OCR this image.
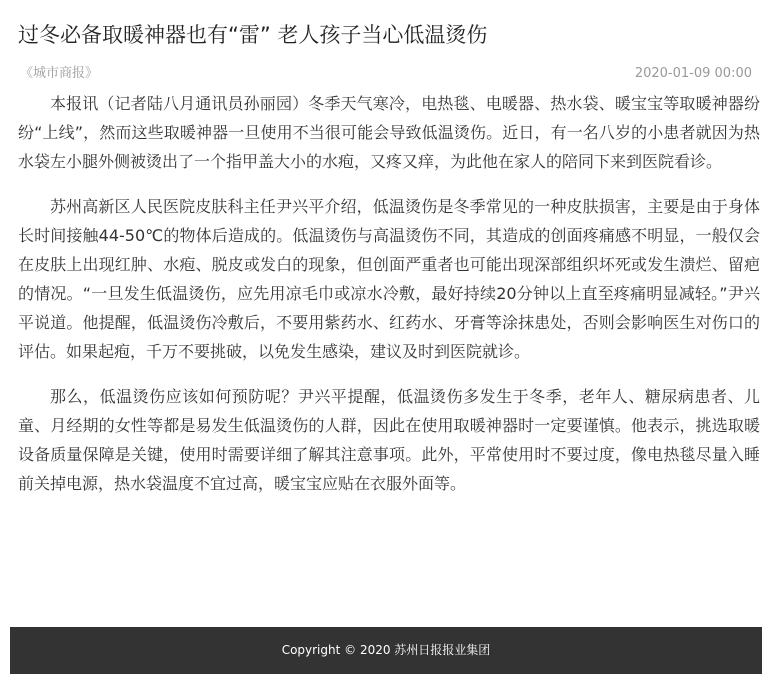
过冬必备取暖神器也有“雷” 老人孩子当心低温烫伤
《城市商报》	2020-01-09 00:00

本报讯（记者陆八月通讯员孙丽园）冬季天气寒冷，电热毯、电暖器、热水袋、暖宝宝等取暖神器纷纷“上线”，然而这些取暖神器一旦使用不当很可能会导致低温烫伤。近日，有一名八岁的小患者就因为热水袋左小腿外侧被烫出了一个指甲盖大小的水疱，又疼又痒，为此他在家人的陪同下来到医院看诊。

苏州高新区人民医院皮肤科主任尹兴平介绍，低温烫伤是冬季常见的一种皮肤损害，主要是由于身体长时间接触44-50℃的物体后造成的。低温烫伤与高温烫伤不同，其造成的创面疼痛感不明显，一般仅会在皮肤上出现红肿、水疱、脱皮或发白的现象，但创面严重者也可能出现深部组织坏死或发生溃烂、留疤的情况。“一旦发生低温烫伤，应先用凉毛巾或凉水冷敷，最好持续20分钟以上直至疼痛明显减轻。”尹兴平说道。他提醒，低温烫伤冷敷后，不要用紫药水、红药水、牙膏等涂抹患处，否则会影响医生对伤口的评估。如果起疱，千万不要挑破，以免发生感染，建议及时到医院就诊。

那么，低温烫伤应该如何预防呢？尹兴平提醒，低温烫伤多发生于冬季，老年人、糖尿病患者、儿童、月经期的女性等都是易发生低温烫伤的人群，因此在使用取暖神器时一定要谨慎。他表示，挑选取暖设备质量保障是关键，使用时需要详细了解其注意事项。此外，平常使用时不要过度，像电热毯尽量入睡前关掉电源，热水袋温度不宜过高，暖宝宝应贴在衣服外面等。

Copyright © 2020 苏州日报报业集团
